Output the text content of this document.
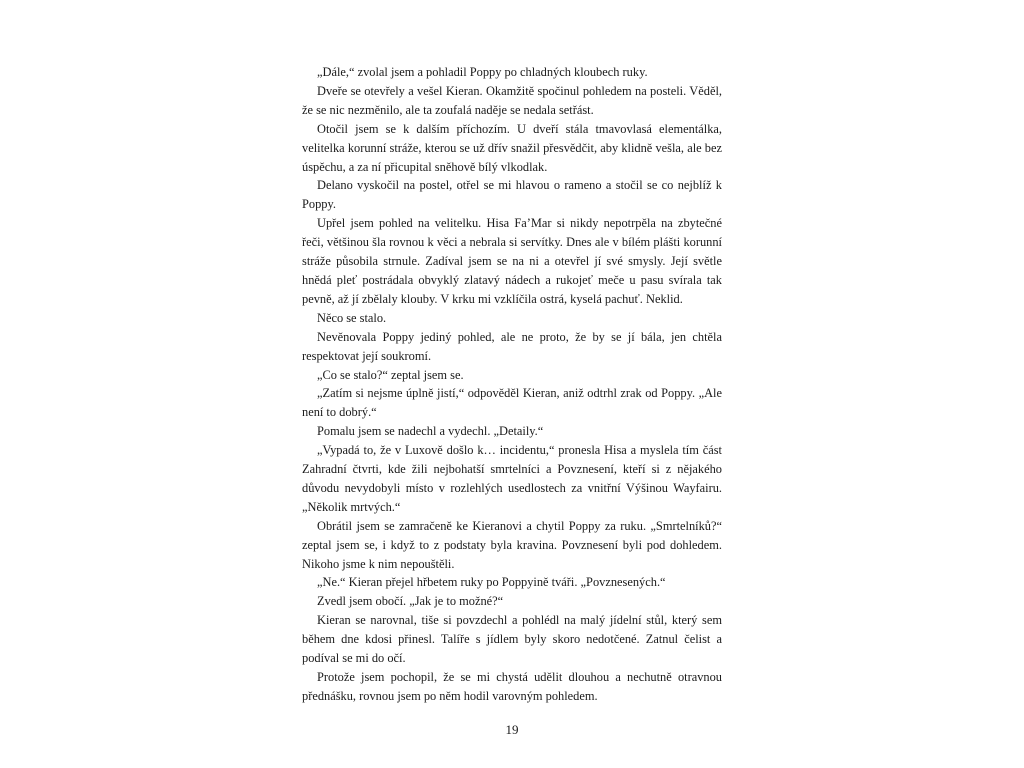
„Dále,“ zvolal jsem a pohladil Poppy po chladných kloubech ruky.

Dveře se otevřely a vešel Kieran. Okamžitě spočinul pohledem na posteli. Věděl, že se nic nezměnilo, ale ta zoufalá naděje se nedala setřást.

Otočil jsem se k dalším příchozím. U dveří stála tmavovlasá elementálka, velitelka korunní stráže, kterou se už dřív snažil přesvědčit, aby klidně vešla, ale bez úspěchu, a za ní přicupital sněhově bílý vlkodlak.

Delano vyskočil na postel, otřel se mi hlavou o rameno a stočil se co nejblíž k Poppy.

Upřel jsem pohled na velitelku. Hisa Fa’Mar si nikdy nepotrpěla na zbytečné řeči, většinou šla rovnou k věci a nebrala si servítky. Dnes ale v bílém plášti korunní stráže působila strnule. Zadíval jsem se na ni a otevřel jí své smysly. Její světle hnědá pleť postrádala obvyklý zlatavý nádech a rukojeť meče u pasu svírala tak pevně, až jí zbělaly klouby. V krku mi vzklíčila ostrá, kyselá pachuť. Neklid.

Něco se stalo.

Nevěnovala Poppy jediný pohled, ale ne proto, že by se jí bála, jen chtěla respektovat její soukromí.

„Co se stalo?“ zeptal jsem se.

„Zatím si nejsme úplně jistí,“ odpověděl Kieran, aniž odtrhl zrak od Poppy. „Ale není to dobrý.“

Pomalu jsem se nadechl a vydechl. „Detaily.“

„Vypadá to, že v Luxově došlo k… incidentu,“ pronesla Hisa a myslela tím část Zahradní čtvrti, kde žili nejbohatší smrtelníci a Povznesení, kteří si z nějakého důvodu nevydobyli místo v rozlehlých usedlostech za vnitřní Výšinou Wayfairu. „Několik mrtvých.“

Obrátil jsem se zamračeně ke Kieranovi a chytil Poppy za ruku. „Smrtelníků?“ zeptal jsem se, i když to z podstaty byla kravina. Povznesení byli pod dohledem. Nikoho jsme k nim nepouštěli.

„Ne.“ Kieran přejel hřbetem ruky po Poppyině tváři. „Povznesených.“

Zvedl jsem obočí. „Jak je to možné?“

Kieran se narovnal, tiše si povzdechl a pohlédl na malý jídelní stůl, který sem během dne kdosi přinesl. Talíře s jídlem byly skoro nedotčené. Zatnul čelist a podíval se mi do očí.

Protože jsem pochopil, že se mi chystá udělit dlouhou a nechutně otravnou přednášku, rovnou jsem po něm hodil varovným pohledem.

19
